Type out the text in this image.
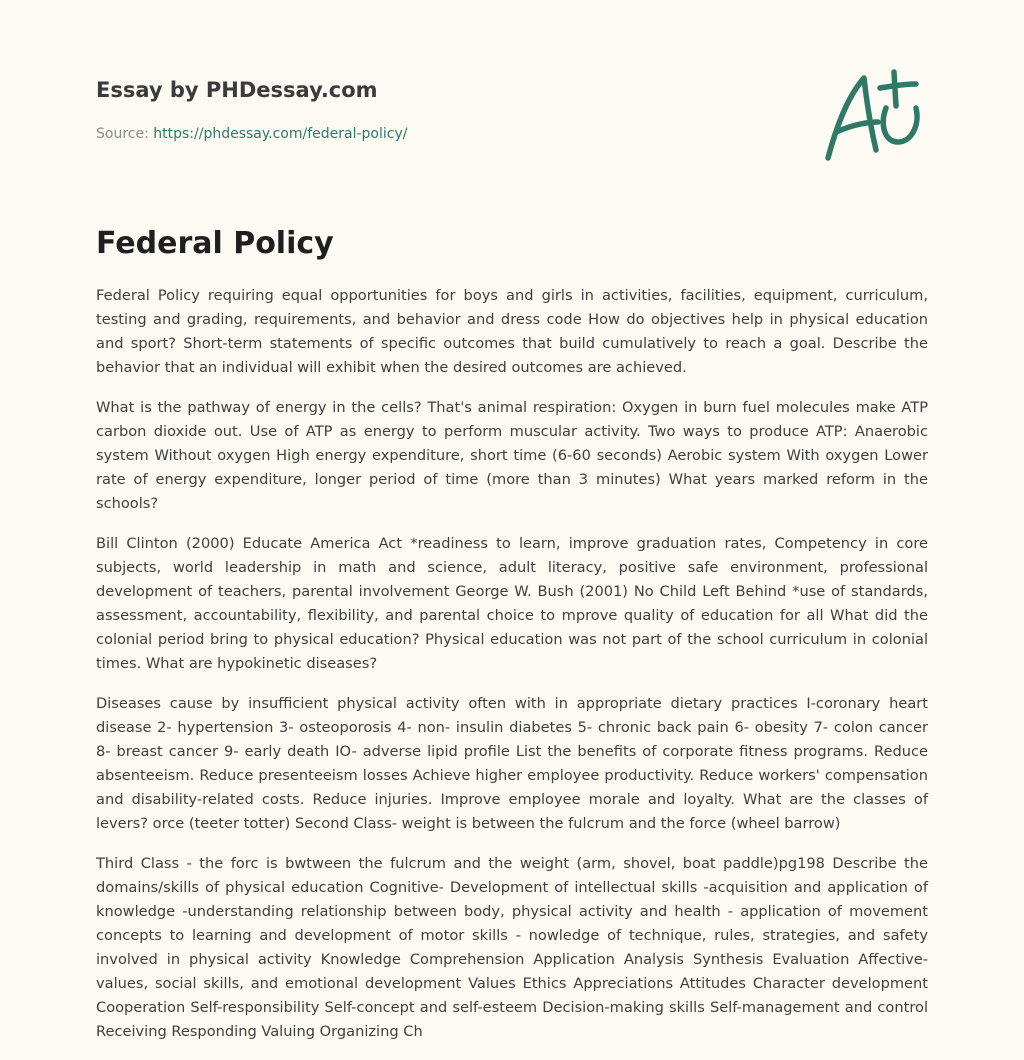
Essay by PHDessay.com
Source: https://phdessay.com/federal-policy/
Federal Policy

Federal Policy requiring equal opportunities for boys and girls in activities, facilities, equipment, curriculum, testing and grading, requirements, and behavior and dress code How do objectives help in physical education and sport? Short-term statements of specific outcomes that build cumulatively to reach a goal. Describe the behavior that an individual will exhibit when the desired outcomes are achieved.

What is the pathway of energy in the cells? That's animal respiration: Oxygen in burn fuel molecules make ATP carbon dioxide out. Use of ATP as energy to perform muscular activity. Two ways to produce ATP: Anaerobic system Without oxygen High energy expenditure, short time (6-60 seconds) Aerobic system With oxygen Lower rate of energy expenditure, longer period of time (more than 3 minutes) What years marked reform in the schools?

Bill Clinton (2000) Educate America Act *readiness to learn, improve graduation rates, Competency in core subjects, world leadership in math and science, adult literacy, positive safe environment, professional development of teachers, parental involvement George W. Bush (2001) No Child Left Behind *use of standards, assessment, accountability, flexibility, and parental choice to mprove quality of education for all What did the colonial period bring to physical education? Physical education was not part of the school curriculum in colonial times. What are hypokinetic diseases?

Diseases cause by insufficient physical activity often with in appropriate dietary practices I-coronary heart disease 2- hypertension 3- osteoporosis 4- non- insulin diabetes 5- chronic back pain 6- obesity 7- colon cancer 8- breast cancer 9- early death IO- adverse lipid profile List the benefits of corporate fitness programs. Reduce absenteeism. Reduce presenteeism losses Achieve higher employee productivity. Reduce workers' compensation and disability-related costs. Reduce injuries. Improve employee morale and loyalty. What are the classes of levers? orce (teeter totter) Second Class- weight is between the fulcrum and the force (wheel barrow)

Third Class - the forc is bwtween the fulcrum and the weight (arm, shovel, boat paddle)pg198 Describe the domains/skills of physical education Cognitive- Development of intellectual skills -acquisition and application of knowledge -understanding relationship between body, physical activity and health - application of movement concepts to learning and development of motor skills - nowledge of technique, rules, strategies, and safety involved in physical activity Knowledge Comprehension Application Analysis Synthesis Evaluation Affective- values, social skills, and emotional development Values Ethics Appreciations Attitudes Character development Cooperation Self-responsibility Self-concept and self-esteem Decision-making skills Self-management and control Receiving Responding Valuing Organizing Ch
